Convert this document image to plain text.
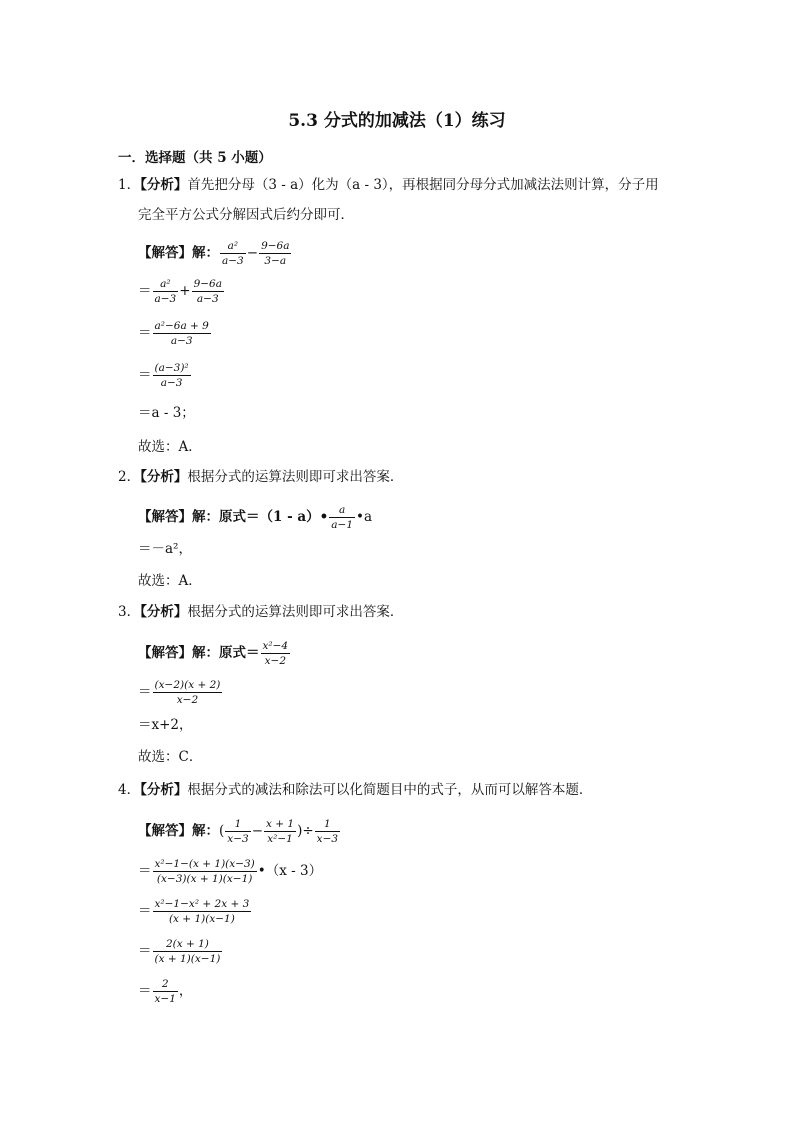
5.3 分式的加减法（1）练习
一．选择题（共 5 小题）
1．【分析】首先把分母（3 - a）化为（a - 3），再根据同分母分式加减法法则计算，分子用
完全平方公式分解因式后约分即可．
【解答】解： $\frac{\text{a²}}{a-3} - \frac{9-6a}{3-a}$
＝ $\frac{\text{a²}}{a-3} + \frac{9-6a}{a-3}$
＝ $\frac{\text{a²−6a + 9}}{a-3}$
＝ $\frac{\text{(a−3)²}}{a-3}$
＝a - 3；
故选：A．
2．【分析】根据分式的运算法则即可求出答案．
【解答】解：原式＝（1 - a）• $\frac{a}{a-1}$ •a
＝－a²，
故选：A．
3．【分析】根据分式的运算法则即可求出答案．
【解答】解：原式＝ $\frac{\text{x²−4}}{x-2}$
＝ $\frac{(x-2)(x + 2)}{x-2}$
＝x+2，
故选：C．
4．【分析】根据分式的减法和除法可以化简题目中的式子，从而可以解答本题．
【解答】解：( $\frac{1}{x-3} - \frac{x + 1}{\text{x²−1}}$ )÷ $\frac{1}{x-3}$
＝ $\frac{\text{x²−1−(x + 1)(x−3)}}{(x-3)(x + 1)(x-1)}$ •（x - 3）
＝ $\frac{\text{x²−1−x² + 2x + 3}}{(x + 1)(x-1)}$
＝ $\frac{2(x + 1)}{(x + 1)(x-1)}$
＝ $\frac{2}{x-1}$ ，
